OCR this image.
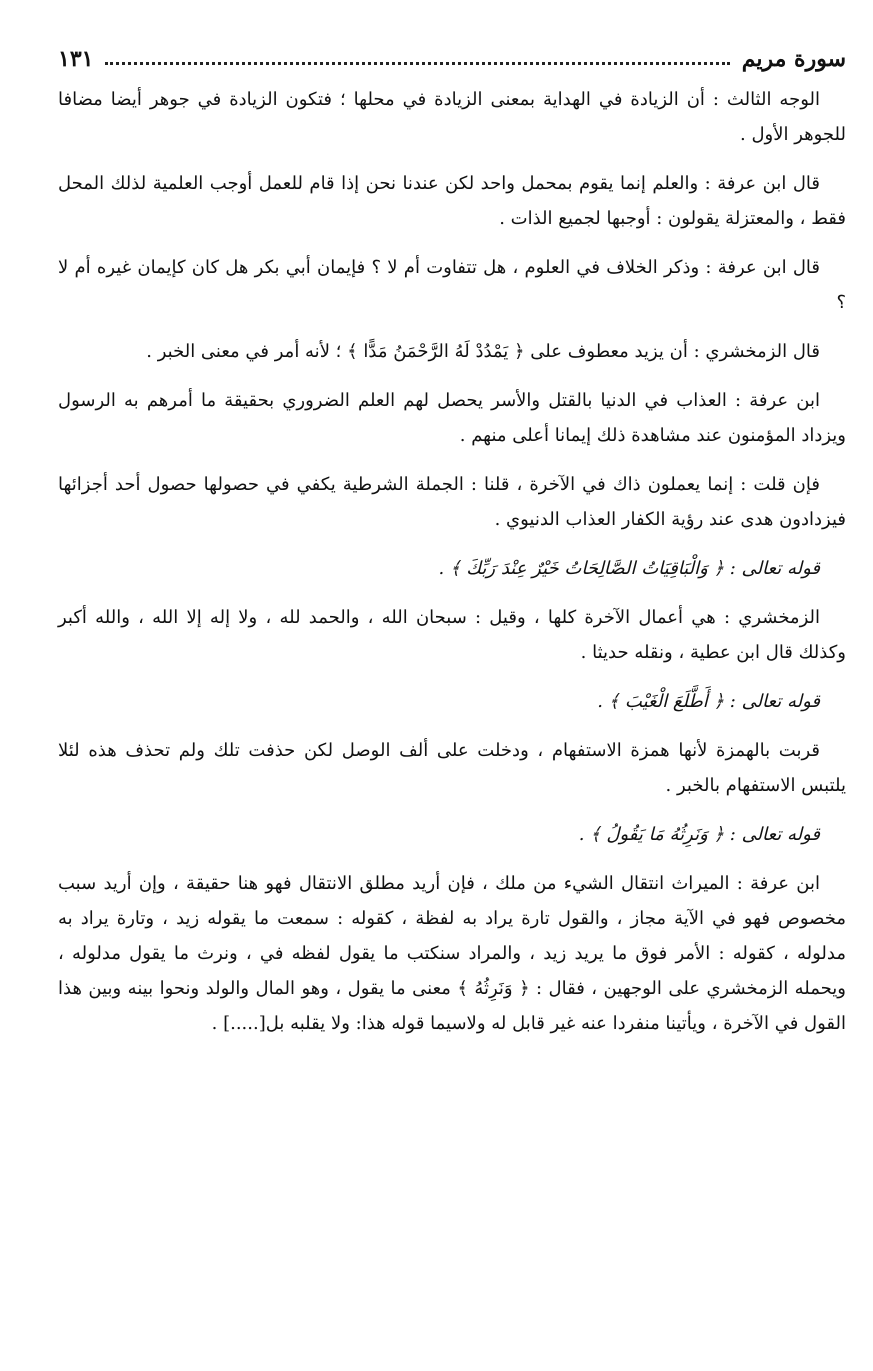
سورة مريم
١٣١

الوجه الثالث : أن الزيادة في الهداية بمعنى الزيادة في محلها ؛ فتكون الزيادة في جوهر أيضا مضافا للجوهر الأول .

قال ابن عرفة : والعلم إنما يقوم بمحمل واحد لكن عندنا نحن إذا قام للعمل أوجب العلمية لذلك المحل فقط ، والمعتزلة يقولون : أوجبها لجميع الذات .

قال ابن عرفة : وذكر الخلاف في العلوم ، هل تتفاوت أم لا ؟ فإيمان أبي بكر هل كان كإيمان غيره أم لا ؟

قال الزمخشري : أن يزيد معطوف على ﴿ يَمْدُدْ لَهُ الرَّحْمَنُ مَدًّا ﴾ ؛ لأنه أمر في معنى الخبر .

ابن عرفة : العذاب في الدنيا بالقتل والأسر يحصل لهم العلم الضروري بحقيقة ما أمرهم به الرسول ويزداد المؤمنون عند مشاهدة ذلك إيمانا أعلى منهم .

فإن قلت : إنما يعملون ذاك في الآخرة ، قلنا : الجملة الشرطية يكفي في حصولها حصول أحد أجزائها فيزدادون هدى عند رؤية الكفار العذاب الدنيوي .

قوله تعالى : ﴿ وَالْبَاقِيَاتُ الصَّالِحَاتُ خَيْرٌ عِنْدَ رَبِّكَ ﴾ .

الزمخشري : هي أعمال الآخرة كلها ، وقيل : سبحان الله ، والحمد لله ، ولا إله إلا الله ، والله أكبر وكذلك قال ابن عطية ، ونقله حديثا .

قوله تعالى : ﴿ أَطَّلَعَ الْغَيْبَ ﴾ .

قربت بالهمزة لأنها همزة الاستفهام ، ودخلت على ألف الوصل لكن حذفت تلك ولم تحذف هذه لئلا يلتبس الاستفهام بالخبر .

قوله تعالى : ﴿ وَنَرِثُهُ مَا يَقُولُ ﴾ .

ابن عرفة : الميراث انتقال الشيء من ملك ، فإن أريد مطلق الانتقال فهو هنا حقيقة ، وإن أريد سبب مخصوص فهو في الآية مجاز ، والقول تارة يراد به لفظة ، كقوله : سمعت ما يقوله زيد ، وتارة يراد به مدلوله ، كقوله : الأمر فوق ما يريد زيد ، والمراد سنكتب ما يقول لفظه في ، ونرث ما يقول مدلوله ، ويحمله الزمخشري على الوجهين ، فقال : ﴿ وَنَرِثُهُ ﴾ معنى ما يقول ، وهو المال والولد ونحوا بينه وبين هذا القول في الآخرة ، ويأتينا منفردا عنه غير قابل له ولاسيما قوله هذا: ولا يقلبه بل[.....] .
